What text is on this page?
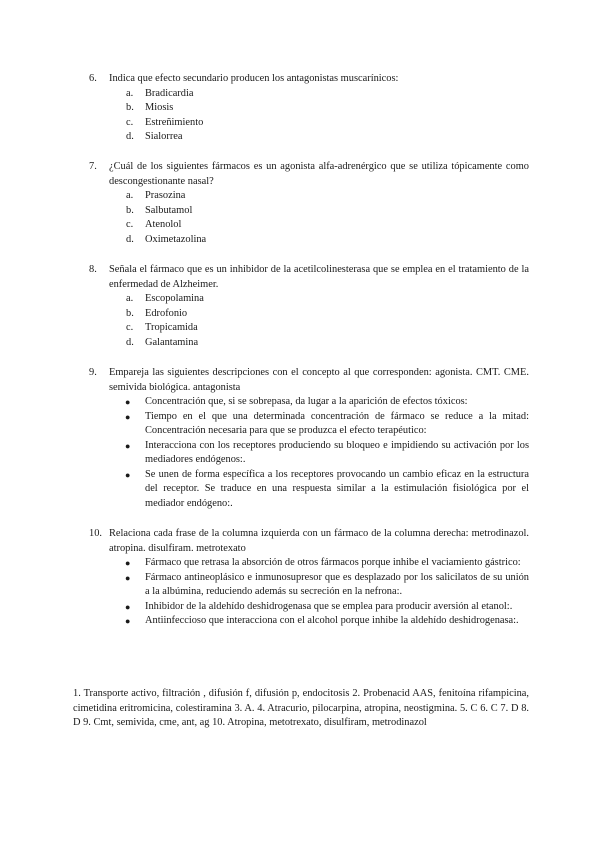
6. Indica que efecto secundario producen los antagonistas muscarínicos:
a. Bradicardia
b. Miosis
c. Estreñimiento
d. Sialorrea
7. ¿Cuál de los siguientes fármacos es un agonista alfa-adrenérgico que se utiliza tópicamente como descongestionante nasal?
a. Prasozina
b. Salbutamol
c. Atenolol
d. Oximetazolina
8. Señala el fármaco que es un inhibidor de la acetilcolinesterasa que se emplea en el tratamiento de la enfermedad de Alzheimer.
a. Escopolamina
b. Edrofonio
c. Tropicamida
d. Galantamina
9. Empareja las siguientes descripciones con el concepto al que corresponden: agonista. CMT. CME. semivida biológica. antagonista
● Concentración que, si se sobrepasa, da lugar a la aparición de efectos tóxicos:
● Tiempo en el que una determinada concentración de fármaco se reduce a la mitad: Concentración necesaria para que se produzca el efecto terapéutico:
● Interacciona con los receptores produciendo su bloqueo e impidiendo su activación por los mediadores endógenos:.
● Se unen de forma específica a los receptores provocando un cambio eficaz en la estructura del receptor. Se traduce en una respuesta similar a la estimulación fisiológica por el mediador endógeno:.
10. Relaciona cada frase de la columna izquierda con un fármaco de la columna derecha: metrodinazol. atropina. disulfiram. metrotexato
● Fármaco que retrasa la absorción de otros fármacos porque inhibe el vaciamiento gástrico:
● Fármaco antineoplásico e inmunosupresor que es desplazado por los salicilatos de su unión a la albúmina, reduciendo además su secreción en la nefrona:.
● Inhibidor de la aldehído deshidrogenasa que se emplea para producir aversión al etanol:.
● Antiinfeccioso que interacciona con el alcohol porque inhibe la aldehído deshidrogenasa:.
1. Transporte activo, filtración , difusión f, difusión p, endocitosis 2. Probenacid AAS, fenitoína rifampicina, cimetidina eritromicina, colestiramina 3. A. 4. Atracurio, pilocarpina, atropina, neostigmina. 5. C 6. C 7. D 8. D 9. Cmt, semivida, cme, ant, ag 10. Atropina, metotrexato, disulfiram, metrodinazol
